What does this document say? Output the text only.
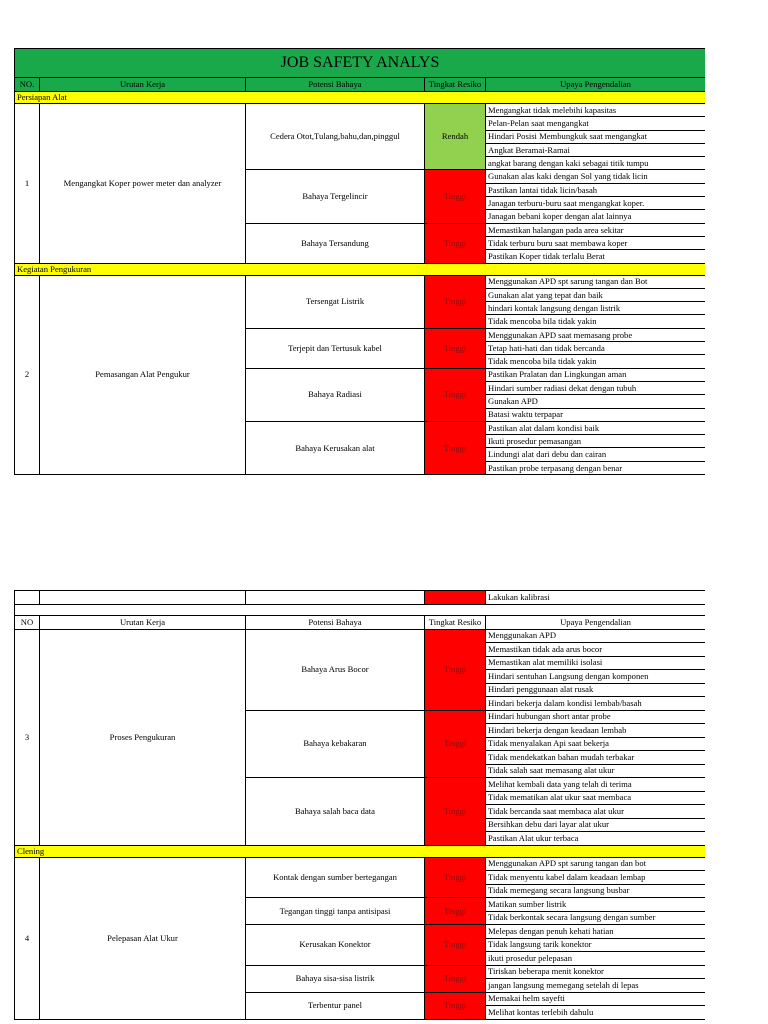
JOB SAFETY ANALYS				
NO.	Urutan Kerja	Potensi Bahaya	Tingkat Resiko	Upaya Pengendalian
Persiapan Alat				
1	Mengangkat Koper power meter dan analyzer	Cedera Otot,Tulang,bahu,dan,pinggul	Rendah	Mengangkat tidak melebihi kapasitas
				Pelan-Pelan saat mengangkat
				Hindari Posisi Membungkuk saat mengangkat
				Angkat Beramai-Ramai
				angkat barang dengan kaki sebagai titik tumpu
		Bahaya Tergelincir	Tinggi	Gunakan alas kaki dengan Sol yang tidak licin
				Pastikan lantai tidak licin/basah
				Janagan terburu-buru saat mengangkat koper.
				Janagan bebani koper dengan alat lainnya
		Bahaya Tersandung	Tinggi	Memastikan halangan pada area sekitar
				Tidak terburu buru saat membawa koper
				Pastikan Koper tidak terlalu Berat
Kegiatan Pengukuran				
2	Pemasangan Alat Pengukur	Tersengat Listrik	Tinggi	Menggunakan APD spt sarung tangan dan Bot
				Gunakan alat yang tepat dan baik
				hindari kontak langsung dengan listrik
				Tidak mencoba bila tidak yakin
		Terjepit dan Tertusuk kabel	Tinggi	Menggunakan APD saat memasang probe
				Tetap hati-hati dan tidak bercanda
				Tidak mencoba bila tidak yakin
		Bahaya Radiasi	Tinggi	Pastikan Pralatan dan Lingkungan aman
				Hindari sumber radiasi dekat dengan tubuh
				Gunakan APD
				Batasi waktu terpapar
		Bahaya Kerusakan alat	Tinggi	Pastikan alat dalam kondisi baik
				Ikuti prosedur pemasangan
				Lindungi alat dari debu dan cairan
				Pastikan probe terpasang dengan benar
				Lakukan kalibrasi

NO	Urutan Kerja	Potensi Bahaya	Tingkat Resiko	Upaya Pengendalian
3	Proses Pengukuran	Bahaya Arus Bocor	Tinggi	Menggunakan APD
				Memastikan tidak ada arus bocor
				Memastikan alat memiliki isolasi
				Hindari sentuhan Langsung dengan komponen
				Hindari penggunaan alat rusak
				Hindari bekerja dalam kondisi lembab/basah
		Bahaya kebakaran	Tinggi	Hindari hubungan short antar probe
				Hindari bekerja dengan keadaan lembab
				Tidak menyalakan Api saat bekerja
				Tidak mendekatkan bahan mudah terbakar
				Tidak salah saat memasang alat ukur
		Bahaya salah baca data	Tinggi	Melihat kembali data yang telah di terima
				Tidak mematikan alat ukur saat membaca
				Tidak bercanda saat membaca alat ukur
				Bersihkan debu dari layar alat ukur
				Pastikan Alat ukur terbaca
Clening				
4	Pelepasan Alat Ukur	Kontak dengan sumber bertegangan	Tinggi	Menggunakan APD spt sarung tangan dan bot
				Tidak menyentu kabel dalam keadaan lembap
				Tidak memegang secara langsung busbar
		Tegangan tinggi tanpa antisipasi	Tinggi	Matikan sumber listrik
				Tidak berkontak secara langsung dengan sumber
		Kerusakan Konektor	Tinggi	Melepas dengan penuh kehati hatian
				Tidak langsung tarik konektor
				ikuti prosedur pelepasan
		Bahaya sisa-sisa listrik	Tinggi	Tiriskan beberapa menit konektor
				jangan langsung memegang setelah di lepas
		Terbentur panel	Tinggi	Memakai helm sayefti
				Melihat kontas terlebih dahulu
